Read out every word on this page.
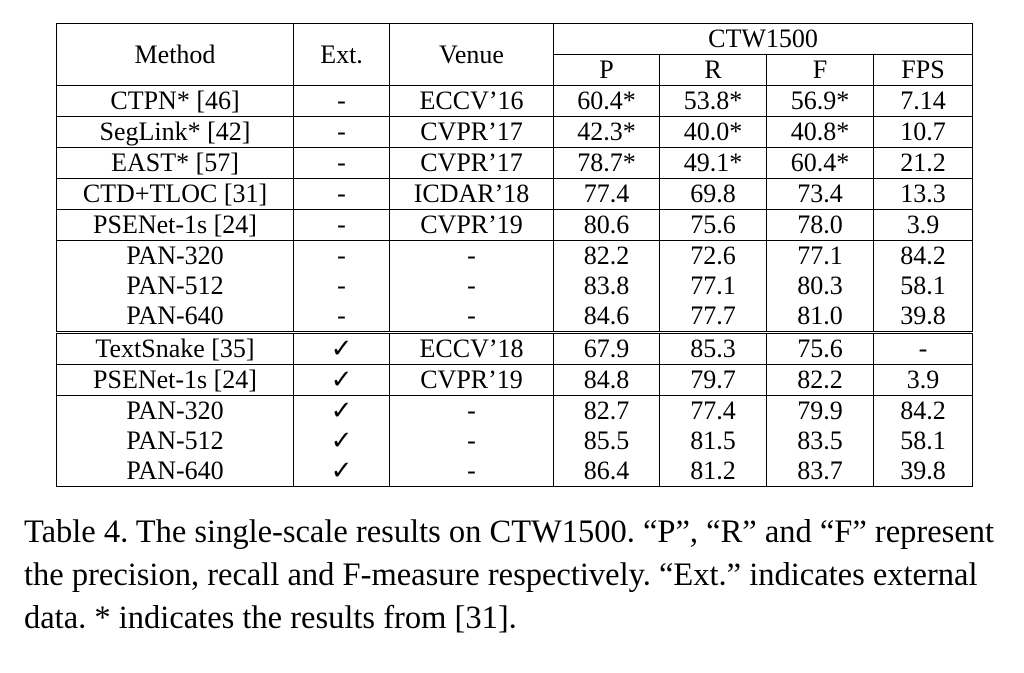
Method	Ext.	Venue	CTW1500			
			P	R	F	FPS
CTPN* [46]	-	ECCV’16	60.4*	53.8*	56.9*	7.14
SegLink* [42]	-	CVPR’17	42.3*	40.0*	40.8*	10.7
EAST* [57]	-	CVPR’17	78.7*	49.1*	60.4*	21.2
CTD+TLOC [31]	-	ICDAR’18	77.4	69.8	73.4	13.3
PSENet-1s [24]	-	CVPR’19	80.6	75.6	78.0	3.9
PAN-320	-	-	82.2	72.6	77.1	84.2
PAN-512	-	-	83.8	77.1	80.3	58.1
PAN-640	-	-	84.6	77.7	81.0	39.8
TextSnake [35]	✓	ECCV’18	67.9	85.3	75.6	-
PSENet-1s [24]	✓	CVPR’19	84.8	79.7	82.2	3.9
PAN-320	✓	-	82.7	77.4	79.9	84.2
PAN-512	✓	-	85.5	81.5	83.5	58.1
PAN-640	✓	-	86.4	81.2	83.7	39.8
Table 4. The single-scale results on CTW1500. “P”, “R” and “F” represent the precision, recall and F-measure respectively. “Ext.” indicates external data. * indicates the results from [31].
